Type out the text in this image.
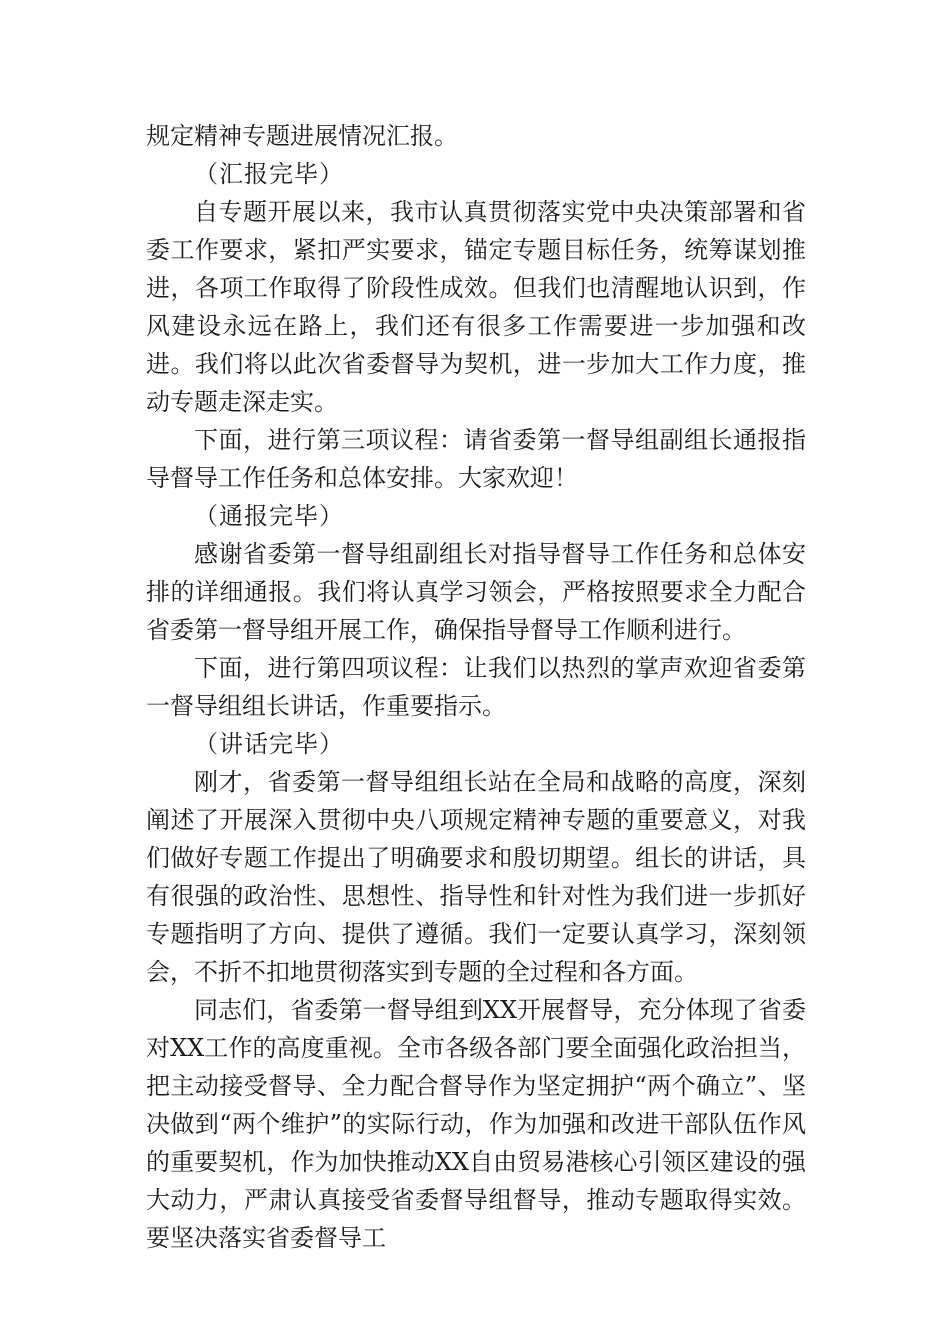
规定精神专题进展情况汇报。

（汇报完毕）

自专题开展以来，我市认真贯彻落实党中央决策部署和省委工作要求，紧扣严实要求，锚定专题目标任务，统筹谋划推进，各项工作取得了阶段性成效。但我们也清醒地认识到，作风建设永远在路上，我们还有很多工作需要进一步加强和改进。我们将以此次省委督导为契机，进一步加大工作力度，推动专题走深走实。

下面，进行第三项议程：请省委第一督导组副组长通报指导督导工作任务和总体安排。大家欢迎！

（通报完毕）

感谢省委第一督导组副组长对指导督导工作任务和总体安排的详细通报。我们将认真学习领会，严格按照要求全力配合省委第一督导组开展工作，确保指导督导工作顺利进行。

下面，进行第四项议程：让我们以热烈的掌声欢迎省委第一督导组组长讲话，作重要指示。

（讲话完毕）

刚才，省委第一督导组组长站在全局和战略的高度，深刻阐述了开展深入贯彻中央八项规定精神专题的重要意义，对我们做好专题工作提出了明确要求和殷切期望。组长的讲话，具有很强的政治性、思想性、指导性和针对性为我们进一步抓好专题指明了方向、提供了遵循。我们一定要认真学习，深刻领会，不折不扣地贯彻落实到专题的全过程和各方面。

同志们，省委第一督导组到XX开展督导，充分体现了省委对XX工作的高度重视。全市各级各部门要全面强化政治担当，把主动接受督导、全力配合督导作为坚定拥护“两个确立”、坚决做到“两个维护”的实际行动，作为加强和改进干部队伍作风的重要契机，作为加快推动XX自由贸易港核心引领区建设的强大动力，严肃认真接受省委督导组督导，推动专题取得实效。要坚决落实省委督导工
